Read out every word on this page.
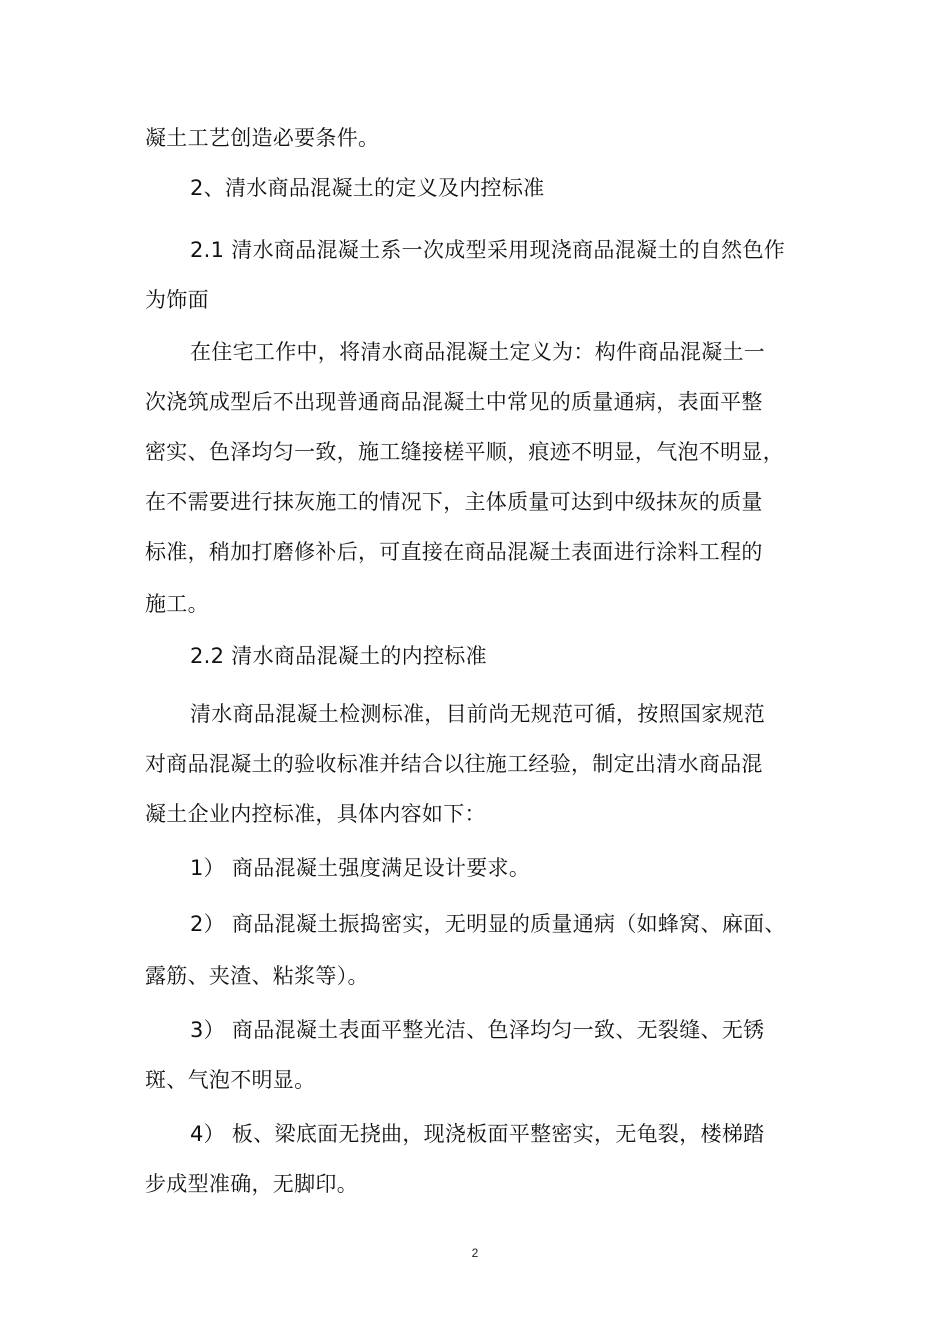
凝土工艺创造必要条件。
2、清水商品混凝土的定义及内控标准
2.1 清水商品混凝土系一次成型采用现浇商品混凝土的自然色作
为饰面
在住宅工作中，将清水商品混凝土定义为：构件商品混凝土一
次浇筑成型后不出现普通商品混凝土中常见的质量通病，表面平整
密实、色泽均匀一致，施工缝接槎平顺，痕迹不明显，气泡不明显，
在不需要进行抹灰施工的情况下，主体质量可达到中级抹灰的质量
标准，稍加打磨修补后，可直接在商品混凝土表面进行涂料工程的
施工。
2.2 清水商品混凝土的内控标准
清水商品混凝土检测标准，目前尚无规范可循，按照国家规范
对商品混凝土的验收标准并结合以往施工经验，制定出清水商品混
凝土企业内控标准，具体内容如下：
1） 商品混凝土强度满足设计要求。
2） 商品混凝土振捣密实，无明显的质量通病（如蜂窝、麻面、
露筋、夹渣、粘浆等）。
3） 商品混凝土表面平整光洁、色泽均匀一致、无裂缝、无锈
斑、气泡不明显。
4） 板、梁底面无挠曲，现浇板面平整密实，无龟裂，楼梯踏
步成型准确，无脚印。
2
